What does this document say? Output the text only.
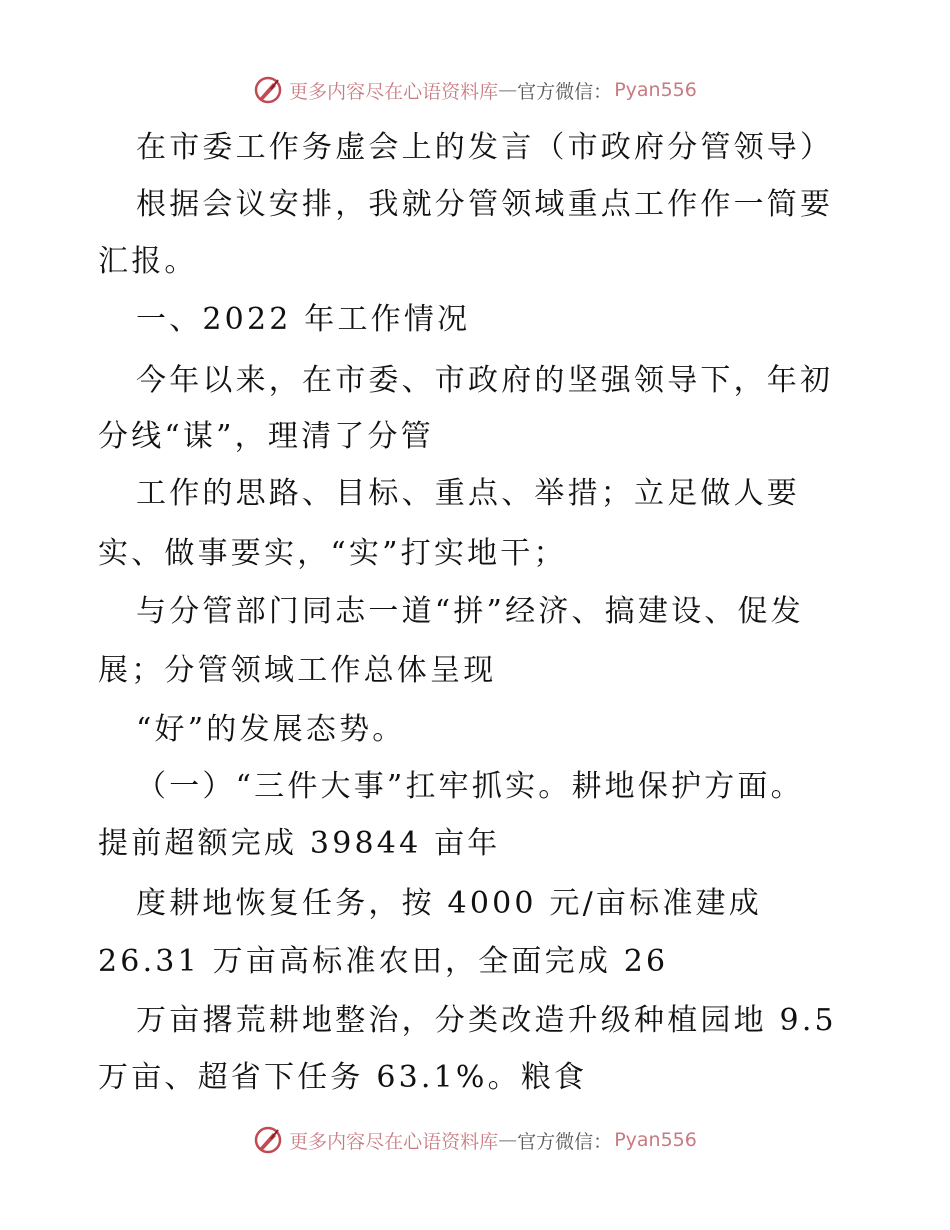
更多内容尽在心语资料库 — 官方微信： Pyan556
在市委工作务虚会上的发言（市政府分管领导）
根据会议安排，我就分管领域重点工作作一简要
汇报。
一、2022 年工作情况
今年以来，在市委、市政府的坚强领导下，年初
分线“谋”，理清了分管
工作的思路、目标、重点、举措；立足做人要
实、做事要实，“实”打实地干；
与分管部门同志一道“拼”经济、搞建设、促发
展；分管领域工作总体呈现
“好”的发展态势。
（一）“三件大事”扛牢抓实。耕地保护方面。
提前超额完成 39844 亩年
度耕地恢复任务，按 4000 元/亩标准建成
26.31 万亩高标准农田，全面完成 26
万亩撂荒耕地整治，分类改造升级种植园地 9.5
万亩、超省下任务 63.1%。粮食
更多内容尽在心语资料库 — 官方微信： Pyan556
